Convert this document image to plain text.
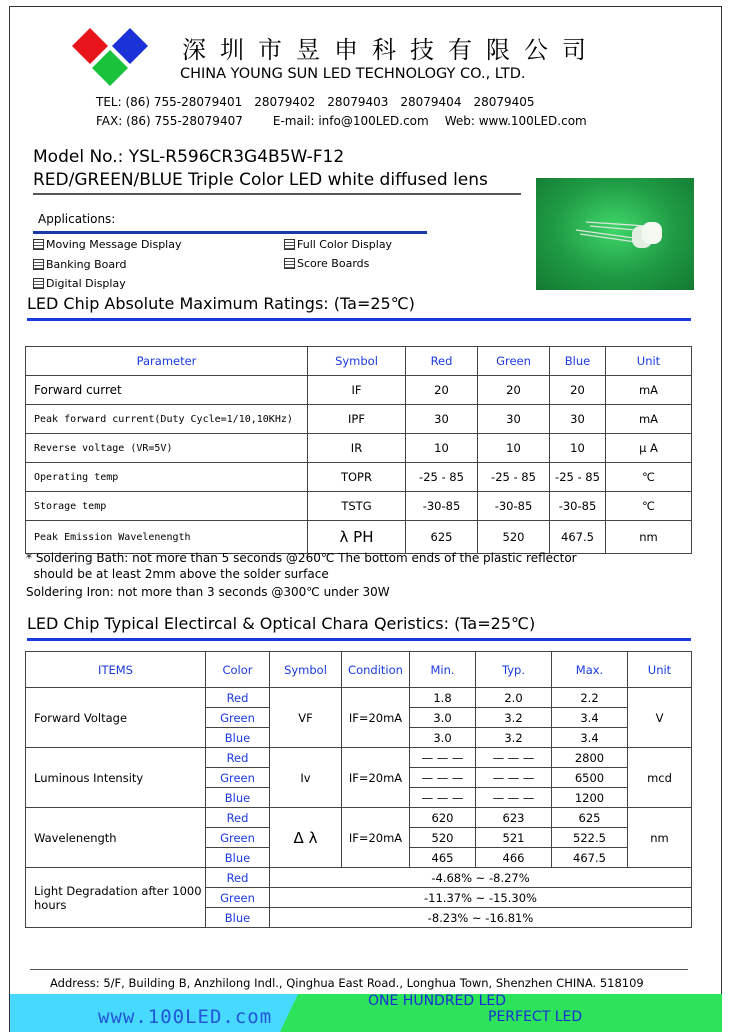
深圳市昱申科技有限公司
CHINA YOUNG SUN LED TECHNOLOGY CO., LTD.
TEL: (86) 755-28079401 28079402 28079403 28079404 28079405
FAX: (86) 755-28079407	E-mail: info@100LED.com Web: www.100LED.com
Model No.: YSL-R596CR3G4B5W-F12
RED/GREEN/BLUE Triple Color LED white diffused lens
Applications:
Moving Message Display	Full Color Display
Banking Board	Score Boards
Digital Display
LED Chip Absolute Maximum Ratings: (Ta=25℃)
Parameter	Symbol	Red	Green	Blue	Unit
Forward curret	IF	20	20	20	mA
Peak forward current(Duty Cycle=1/10,10KHz)	IPF	30	30	30	mA
Reverse voltage (VR=5V)	IR	10	10	10	μ A
Operating temp	TOPR	-25 - 85	-25 - 85	-25 - 85	℃
Storage temp	TSTG	-30-85	-30-85	-30-85	℃
Peak Emission Wavelenength	λ PH	625	520	467.5	nm
* Soldering Bath: not more than 5 seconds @260℃ The bottom ends of the plastic reflector
should be at least 2mm above the solder surface
Soldering Iron: not more than 3 seconds @300℃ under 30W
LED Chip Typical Electircal & Optical Chara Qeristics: (Ta=25℃)
ITEMS	Color	Symbol	Condition	Min.	Typ.	Max.	Unit
Forward Voltage	Red	VF	IF=20mA	1.8	2.0	2.2	V
	Green			3.0	3.2	3.4	
	Blue			3.0	3.2	3.4	
Luminous Intensity	Red	Iv	IF=20mA	— — —	— — —	2800	mcd
	Green			— — —	— — —	6500	
	Blue			— — —	— — —	1200	
Wavelenength	Red	Δ λ	IF=20mA	620	623	625	nm
	Green			520	521	522.5	
	Blue			465	466	467.5	
Light Degradation after 1000 hours	Red	-4.68% ~ -8.27%					
	Green	-11.37% ~ -15.30%					
	Blue	-8.23% ~ -16.81%					
Address: 5/F, Building B, Anzhilong Indl., Qinghua East Road., Longhua Town, Shenzhen CHINA. 518109
www.100LED.com
ONE HUNDRED LED
PERFECT LED
